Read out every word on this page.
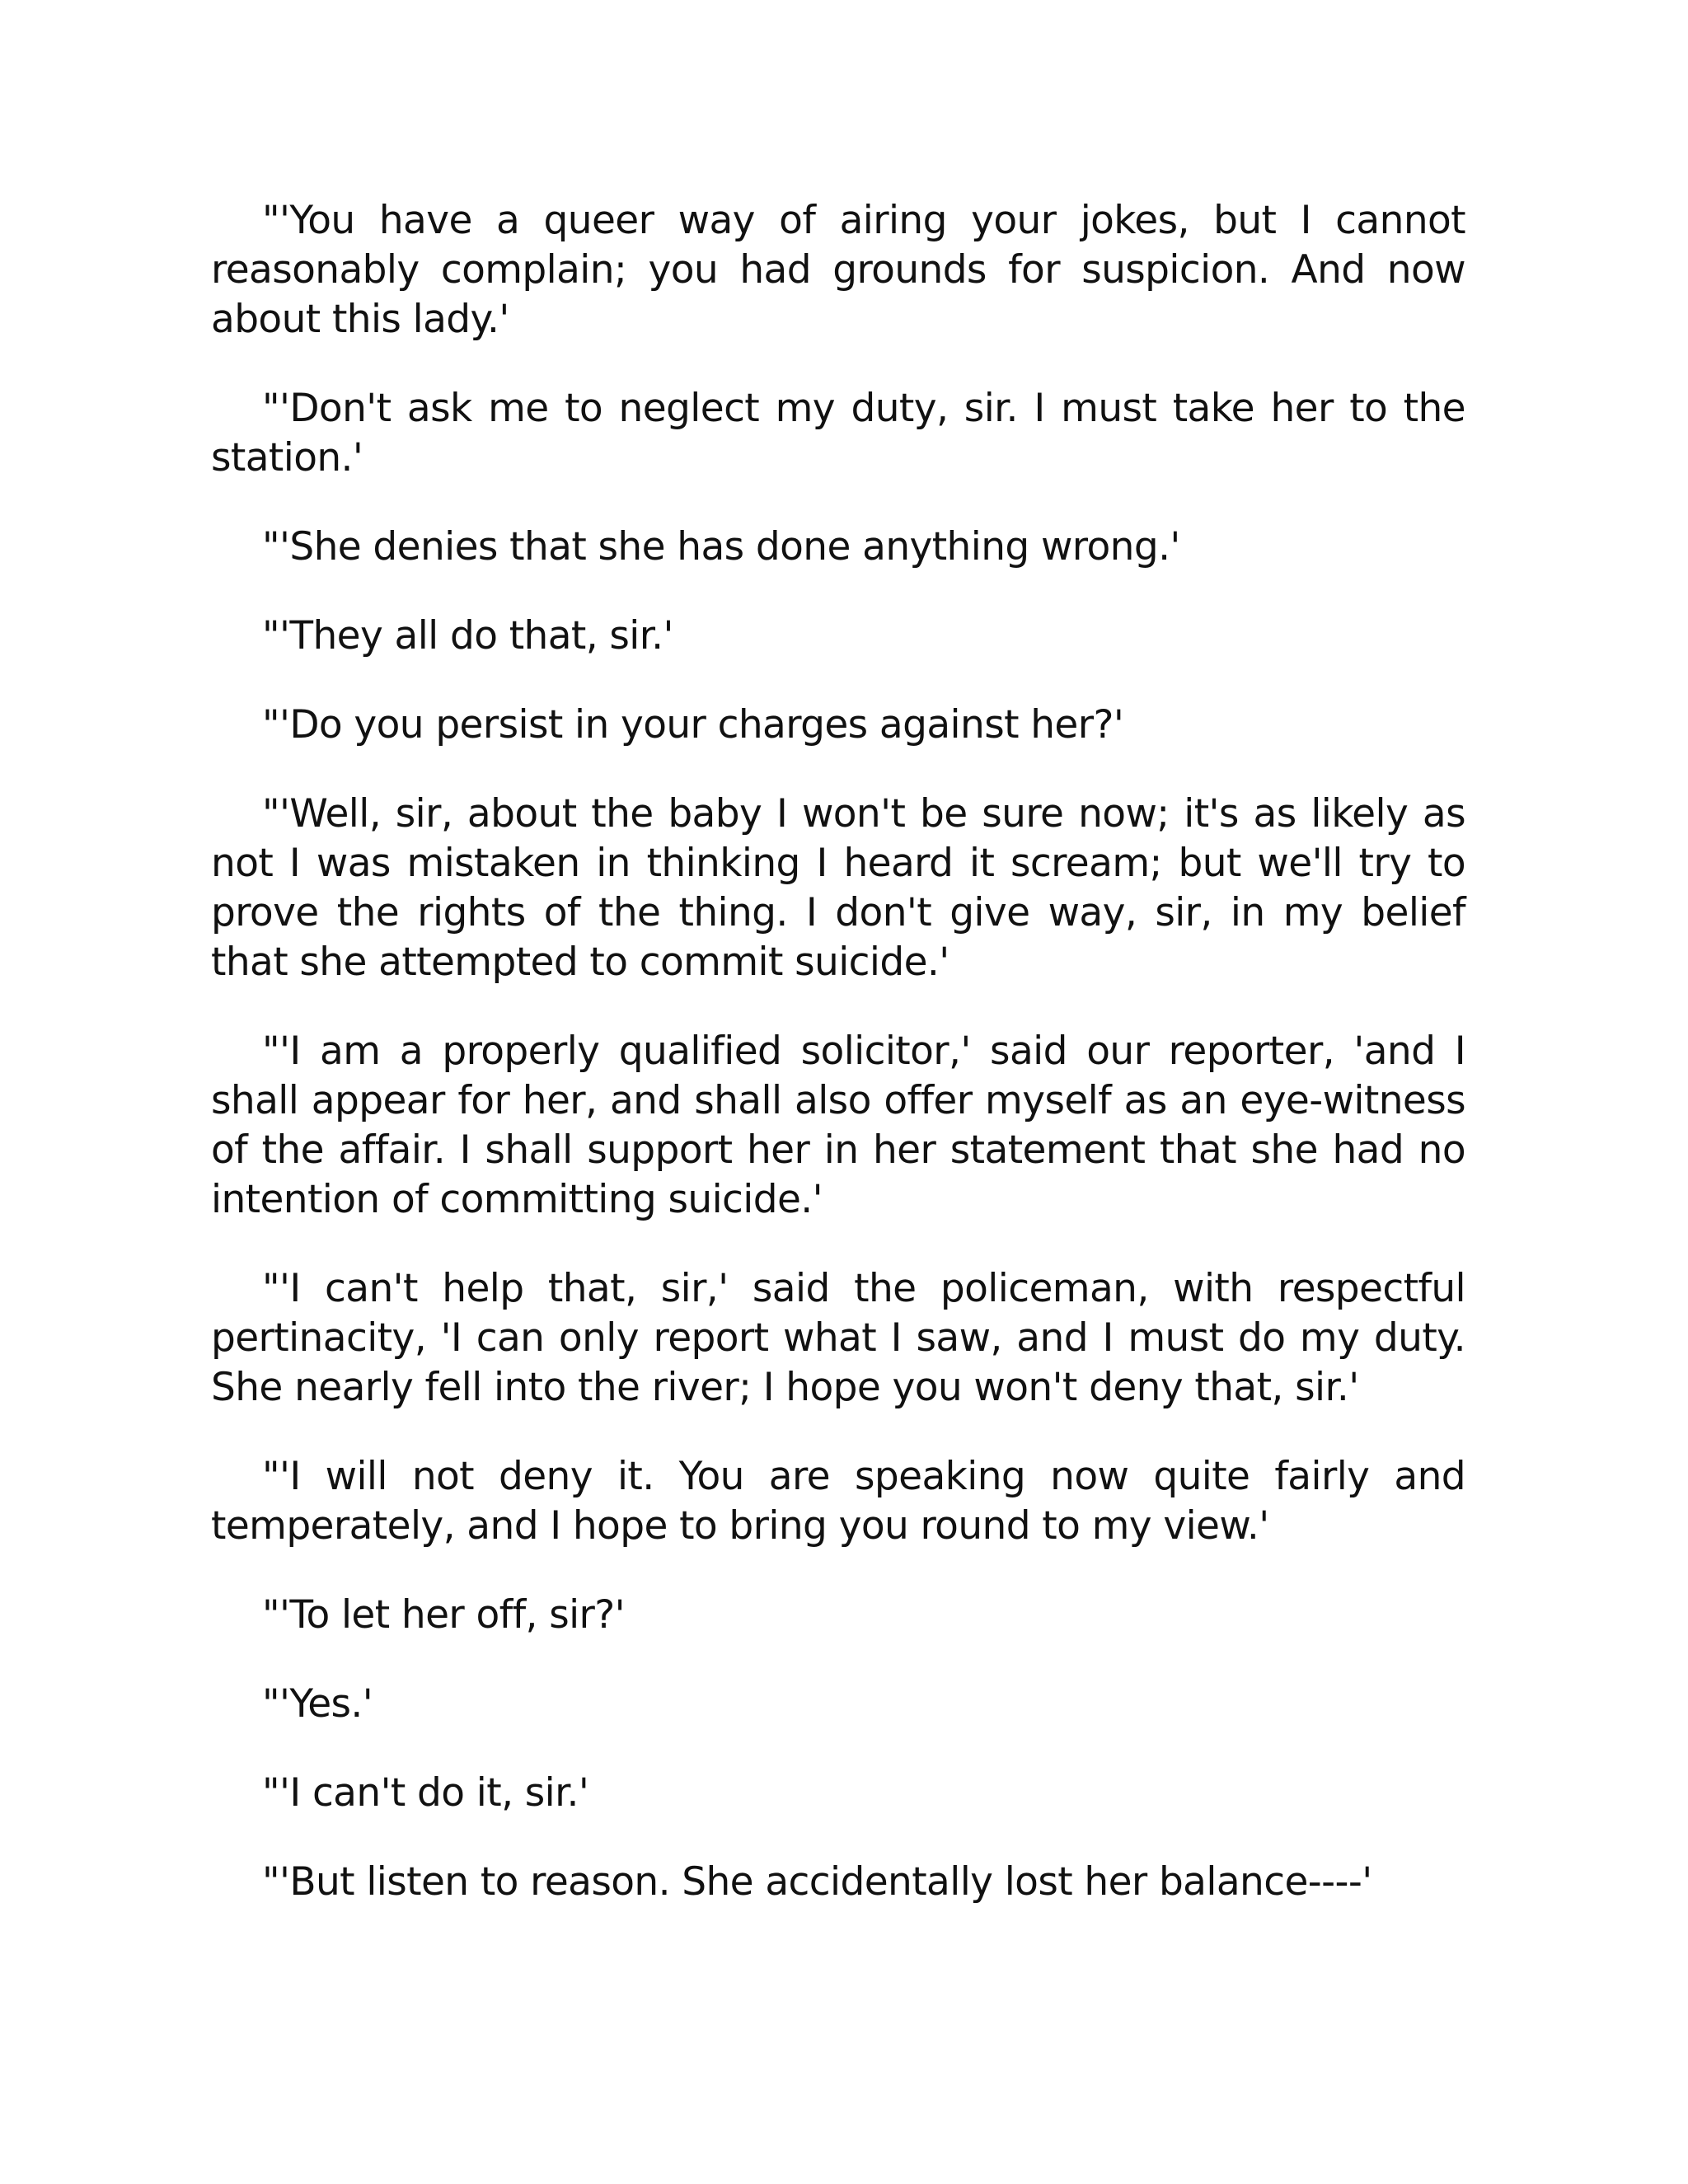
"'You have a queer way of airing your jokes, but I cannot reasonably complain; you had grounds for suspicion. And now about this lady.'

"'Don't ask me to neglect my duty, sir. I must take her to the station.'

"'She denies that she has done anything wrong.'

"'They all do that, sir.'

"'Do you persist in your charges against her?'

"'Well, sir, about the baby I won't be sure now; it's as likely as not I was mistaken in thinking I heard it scream; but we'll try to prove the rights of the thing. I don't give way, sir, in my belief that she attempted to commit suicide.'

"'I am a properly qualified solicitor,' said our reporter, 'and I shall appear for her, and shall also offer myself as an eye-witness of the affair. I shall support her in her statement that she had no intention of committing suicide.'

"'I can't help that, sir,' said the policeman, with respectful pertinacity, 'I can only report what I saw, and I must do my duty. She nearly fell into the river; I hope you won't deny that, sir.'

"'I will not deny it. You are speaking now quite fairly and temperately, and I hope to bring you round to my view.'

"'To let her off, sir?'

"'Yes.'

"'I can't do it, sir.'

"'But listen to reason. She accidentally lost her balance----'
